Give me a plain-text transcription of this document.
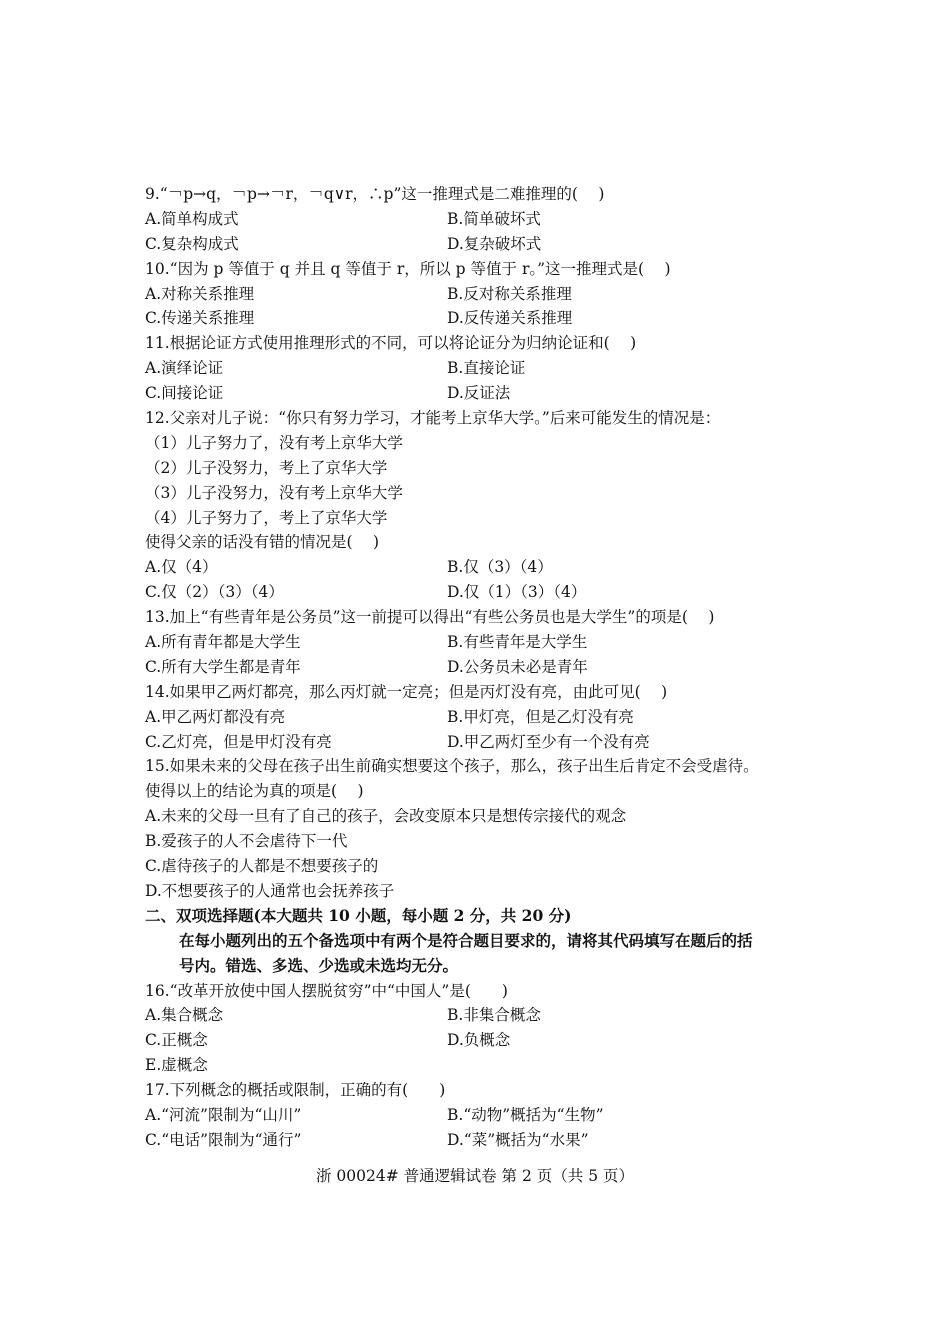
9.“￢p→q，￢p→￢r，￢q∨r，∴p”这一推理式是二难推理的(　 )
A.简单构成式	B.简单破坏式
C.复杂构成式	D.复杂破坏式
10.“因为 p 等值于 q 并且 q 等值于 r，所以 p 等值于 r。”这一推理式是(　 )
A.对称关系推理	B.反对称关系推理
C.传递关系推理	D.反传递关系推理
11.根据论证方式使用推理形式的不同，可以将论证分为归纳论证和(　 )
A.演绎论证	B.直接论证
C.间接论证	D.反证法
12.父亲对儿子说：“你只有努力学习，才能考上京华大学。”后来可能发生的情况是：
（1）儿子努力了，没有考上京华大学
（2）儿子没努力，考上了京华大学
（3）儿子没努力，没有考上京华大学
（4）儿子努力了，考上了京华大学
使得父亲的话没有错的情况是(　 )
A.仅（4）	B.仅（3）（4）
C.仅（2）（3）（4）	D.仅（1）（3）（4）
13.加上“有些青年是公务员”这一前提可以得出“有些公务员也是大学生”的项是(　 )
A.所有青年都是大学生	B.有些青年是大学生
C.所有大学生都是青年	D.公务员未必是青年
14.如果甲乙两灯都亮，那么丙灯就一定亮；但是丙灯没有亮，由此可见(　 )
A.甲乙两灯都没有亮	B.甲灯亮，但是乙灯没有亮
C.乙灯亮，但是甲灯没有亮	D.甲乙两灯至少有一个没有亮
15.如果未来的父母在孩子出生前确实想要这个孩子，那么，孩子出生后肯定不会受虐待。
使得以上的结论为真的项是(　 )
A.未来的父母一旦有了自己的孩子，会改变原本只是想传宗接代的观念
B.爱孩子的人不会虐待下一代
C.虐待孩子的人都是不想要孩子的
D.不想要孩子的人通常也会抚养孩子
二、双项选择题(本大题共 10 小题，每小题 2 分，共 20 分)
在每小题列出的五个备选项中有两个是符合题目要求的，请将其代码填写在题后的括
号内。错选、多选、少选或未选均无分。
16.“改革开放使中国人摆脱贫穷”中“中国人”是(　　)
A.集合概念	B.非集合概念
C.正概念	D.负概念
E.虚概念
17.下列概念的概括或限制，正确的有(　　)
A.“河流”限制为“山川”	B.“动物”概括为“生物”
C.“电话”限制为“通行”	D.“菜”概括为“水果”
浙 00024# 普通逻辑试卷 第 2 页（共 5 页）
